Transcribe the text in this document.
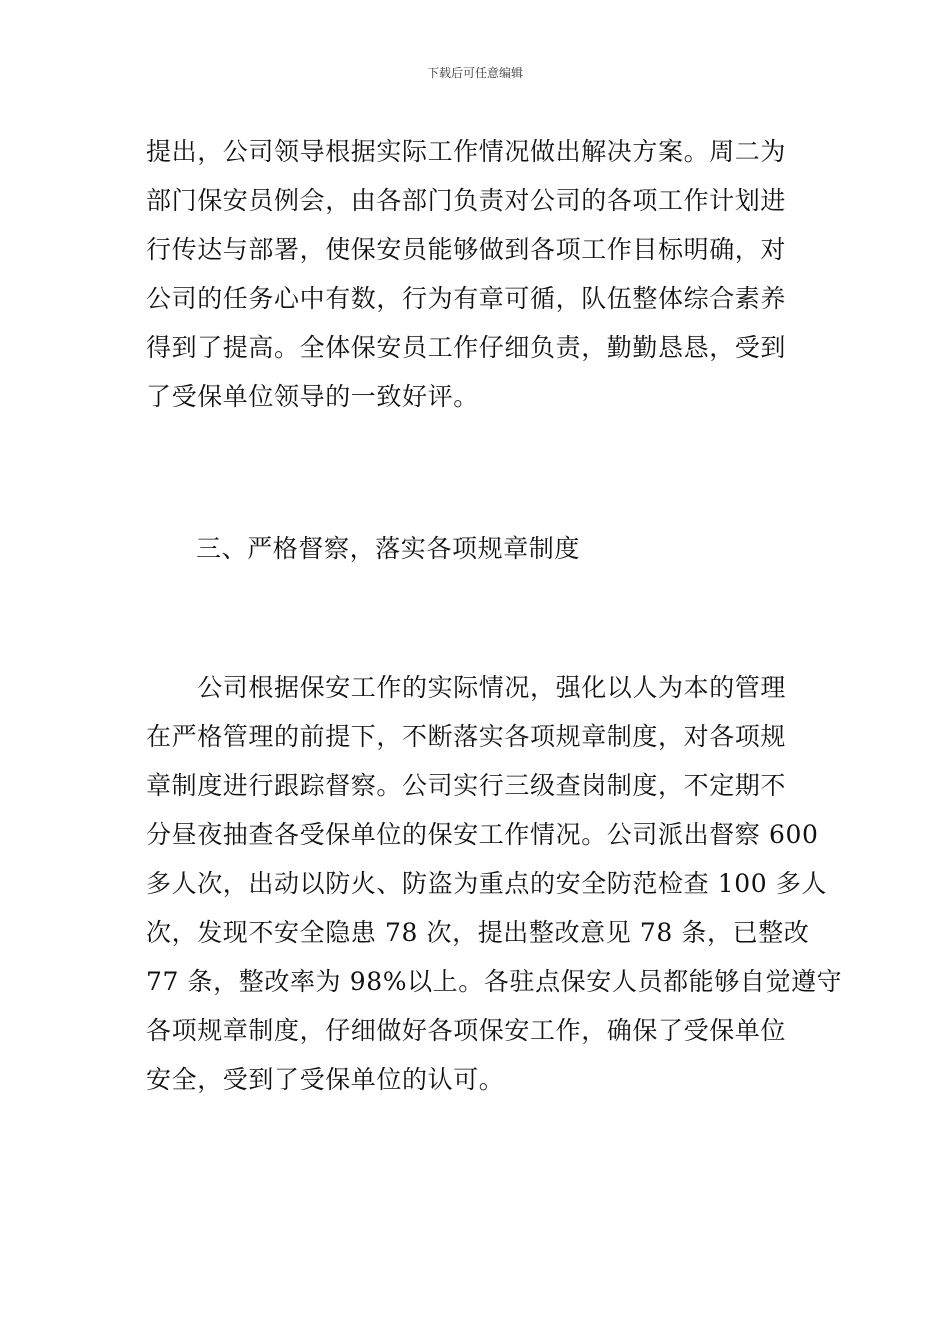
下载后可任意编辑
提出，公司领导根据实际工作情况做出解决方案。周二为
部门保安员例会，由各部门负责对公司的各项工作计划进
行传达与部署，使保安员能够做到各项工作目标明确，对
公司的任务心中有数，行为有章可循，队伍整体综合素养
得到了提高。全体保安员工作仔细负责，勤勤恳恳，受到
了受保单位领导的一致好评。
三、严格督察，落实各项规章制度
　　公司根据保安工作的实际情况，强化以人为本的管理
在严格管理的前提下，不断落实各项规章制度，对各项规
章制度进行跟踪督察。公司实行三级查岗制度，不定期不
分昼夜抽查各受保单位的保安工作情况。公司派出督察 600
多人次，出动以防火、防盗为重点的安全防范检查 100 多人
次，发现不安全隐患 78 次，提出整改意见 78 条，已整改
77 条，整改率为 98%以上。各驻点保安人员都能够自觉遵守
各项规章制度，仔细做好各项保安工作，确保了受保单位
安全，受到了受保单位的认可。
